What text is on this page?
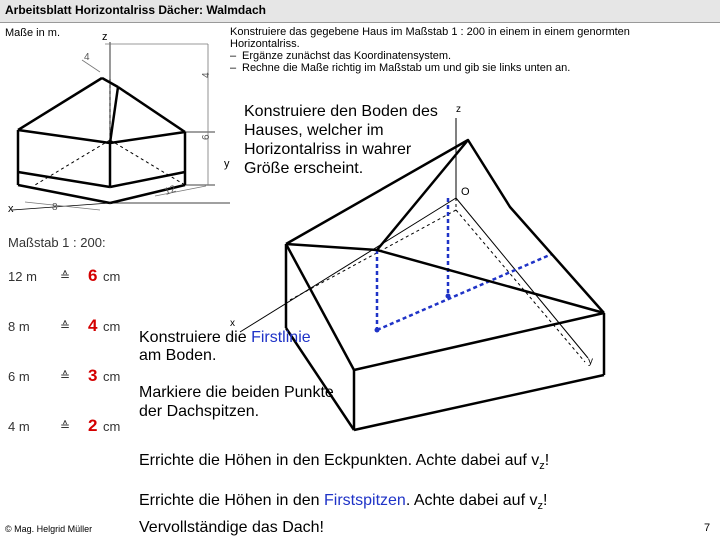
Arbeitsblatt Horizontalriss Dächer: Walmdach
Maße in m.	Konstruiere das gegebene Haus im Maßstab 1 : 200 in einem in einem genormten Horizontalriss.
– Ergänze zunächst das Koordinatensystem.
– Rechne die Maße richtig im Maßstab um und gib sie links unten an.
z
x
y
4
4
6
12
8
Maßstab 1 : 200:
12 m ≙ 6 cm
8 m	≙ 4 cm
6 m	≙ 3 cm
4 m	≙ 2 cm
z
O
x
y
Konstruiere den Boden des Hauses, welcher im Horizontalriss in wahrer Größe erscheint.
Konstruiere die Firstlinie am Boden.
Markiere die beiden Punkte der Dachspitzen.
Errichte die Höhen in den Eckpunkten. Achte dabei auf $v_z$!
Errichte die Höhen in den Firstspitzen. Achte dabei auf $v_z$!
Vervollständige das Dach!
© Mag. Helgrid Müller	7
